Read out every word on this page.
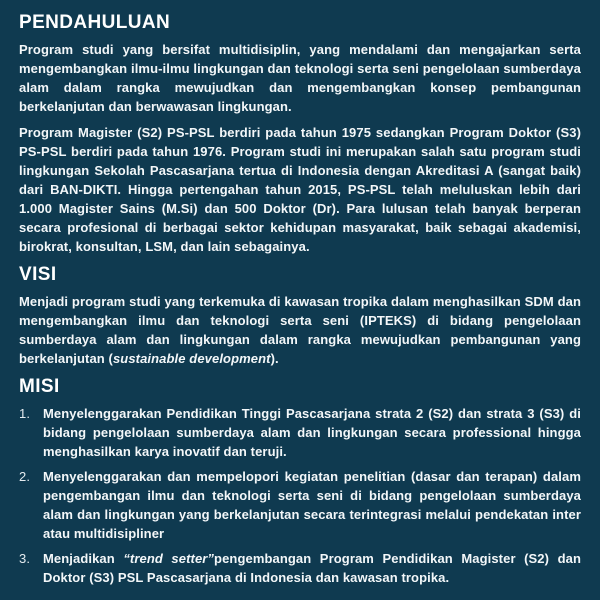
PENDAHULUAN

Program studi yang bersifat multidisiplin, yang mendalami dan mengajarkan serta mengembangkan ilmu-ilmu lingkungan dan teknologi serta seni pengelolaan sumberdaya alam dalam rangka mewujudkan dan mengembangkan konsep pembangunan berkelanjutan dan berwawasan lingkungan.

Program Magister (S2) PS-PSL berdiri pada tahun 1975 sedangkan Program Doktor (S3) PS-PSL berdiri pada tahun 1976. Program studi ini merupakan salah satu program studi lingkungan Sekolah Pascasarjana tertua di Indonesia dengan Akreditasi A (sangat baik) dari BAN-DIKTI. Hingga pertengahan tahun 2015, PS-PSL telah meluluskan lebih dari 1.000 Magister Sains (M.Si) dan 500 Doktor (Dr). Para lulusan telah banyak berperan secara profesional di berbagai sektor kehidupan masyarakat, baik sebagai akademisi, birokrat, konsultan, LSM, dan lain sebagainya.

VISI

Menjadi program studi yang terkemuka di kawasan tropika dalam menghasilkan SDM dan mengembangkan ilmu dan teknologi serta seni (IPTEKS) di bidang pengelolaan sumberdaya alam dan lingkungan dalam rangka mewujudkan pembangunan yang berkelanjutan (sustainable development).

MISI
1. Menyelenggarakan Pendidikan Tinggi Pascasarjana strata 2 (S2) dan strata 3 (S3) di bidang pengelolaan sumberdaya alam dan lingkungan secara professional hingga menghasilkan karya inovatif dan teruji.
2. Menyelenggarakan dan mempelopori kegiatan penelitian (dasar dan terapan) dalam pengembangan ilmu dan teknologi serta seni di bidang pengelolaan sumberdaya alam dan lingkungan yang berkelanjutan secara terintegrasi melalui pendekatan inter atau multidisipliner
3. Menjadikan “trend setter”pengembangan Program Pendidikan Magister (S2) dan Doktor (S3) PSL Pascasarjana di Indonesia dan kawasan tropika.
